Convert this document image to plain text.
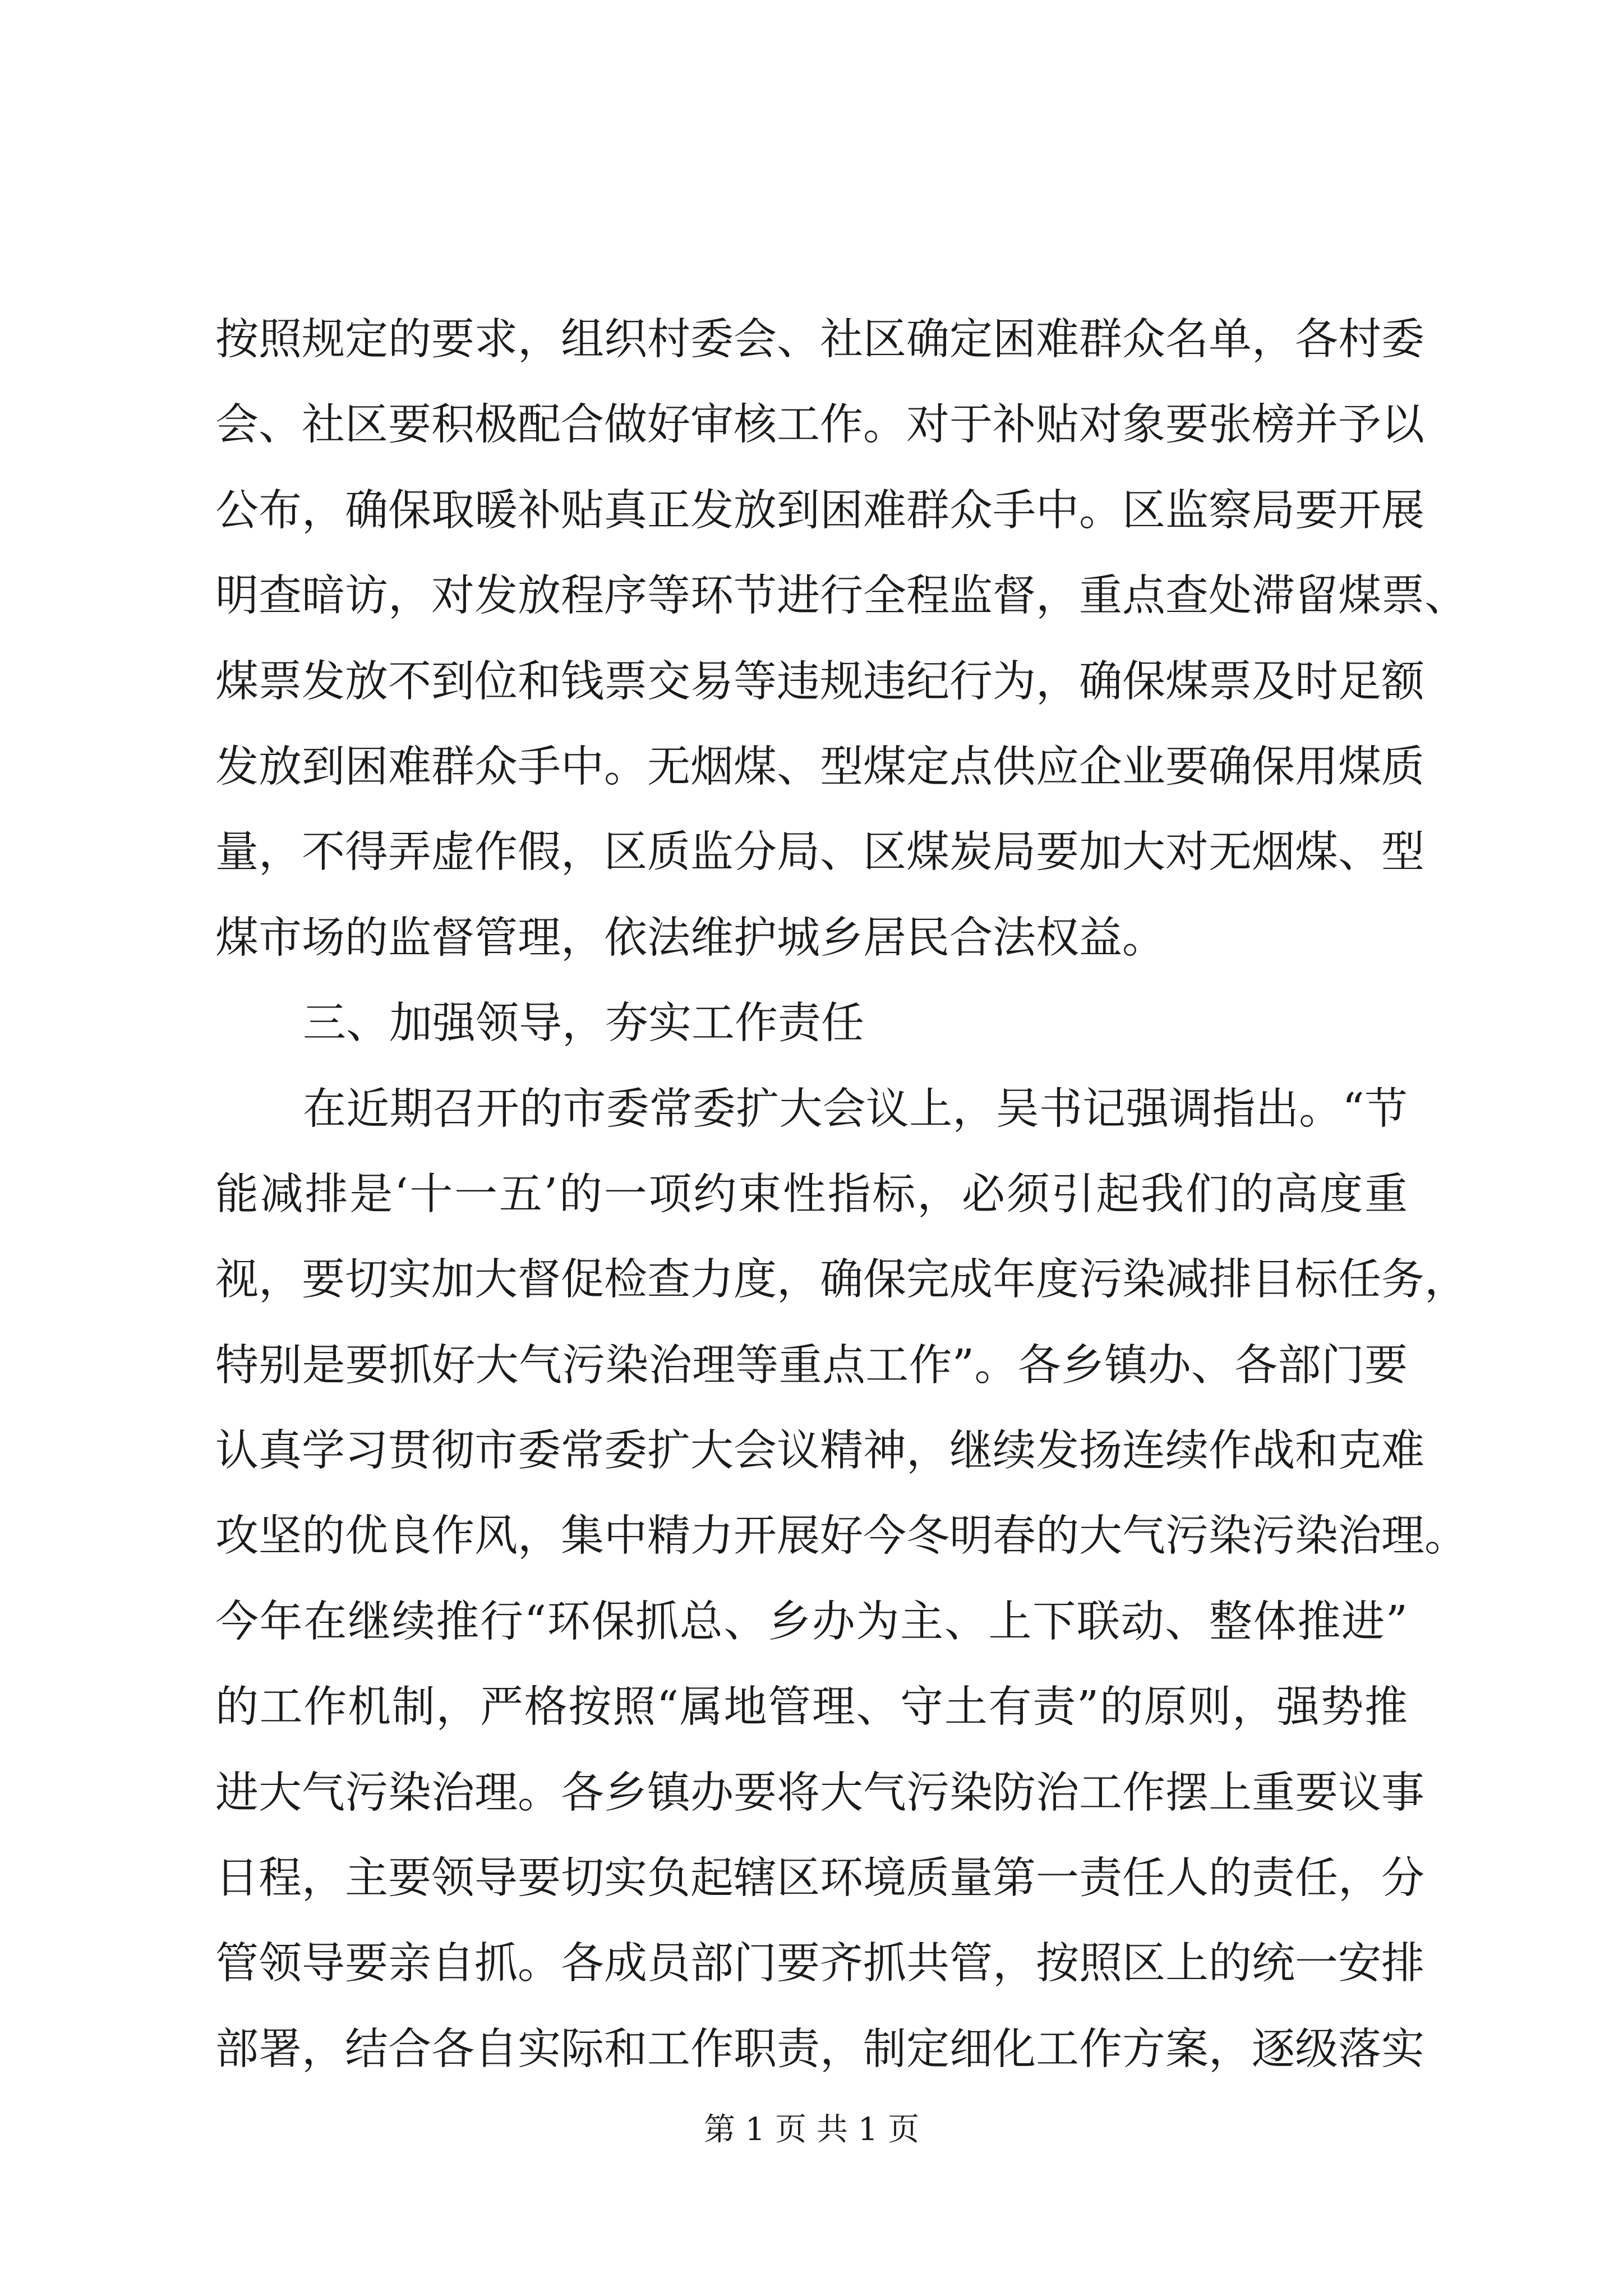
按照规定的要求，组织村委会、社区确定困难群众名单，各村委
会、社区要积极配合做好审核工作。对于补贴对象要张榜并予以
公布，确保取暖补贴真正发放到困难群众手中。区监察局要开展
明查暗访，对发放程序等环节进行全程监督，重点查处滞留煤票、
煤票发放不到位和钱票交易等违规违纪行为，确保煤票及时足额
发放到困难群众手中。无烟煤、型煤定点供应企业要确保用煤质
量，不得弄虚作假，区质监分局、区煤炭局要加大对无烟煤、型
煤市场的监督管理，依法维护城乡居民合法权益。
三、加强领导，夯实工作责任
在近期召开的市委常委扩大会议上，吴书记强调指出。“节
能减排是‘十一五’的一项约束性指标，必须引起我们的高度重
视，要切实加大督促检查力度，确保完成年度污染减排目标任务，
特别是要抓好大气污染治理等重点工作”。各乡镇办、各部门要
认真学习贯彻市委常委扩大会议精神，继续发扬连续作战和克难
攻坚的优良作风，集中精力开展好今冬明春的大气污染污染治理。
今年在继续推行“环保抓总、乡办为主、上下联动、整体推进”
的工作机制，严格按照“属地管理、守土有责”的原则，强势推
进大气污染治理。各乡镇办要将大气污染防治工作摆上重要议事
日程，主要领导要切实负起辖区环境质量第一责任人的责任，分
管领导要亲自抓。各成员部门要齐抓共管，按照区上的统一安排
部署，结合各自实际和工作职责，制定细化工作方案，逐级落实
第 1 页 共 1 页
